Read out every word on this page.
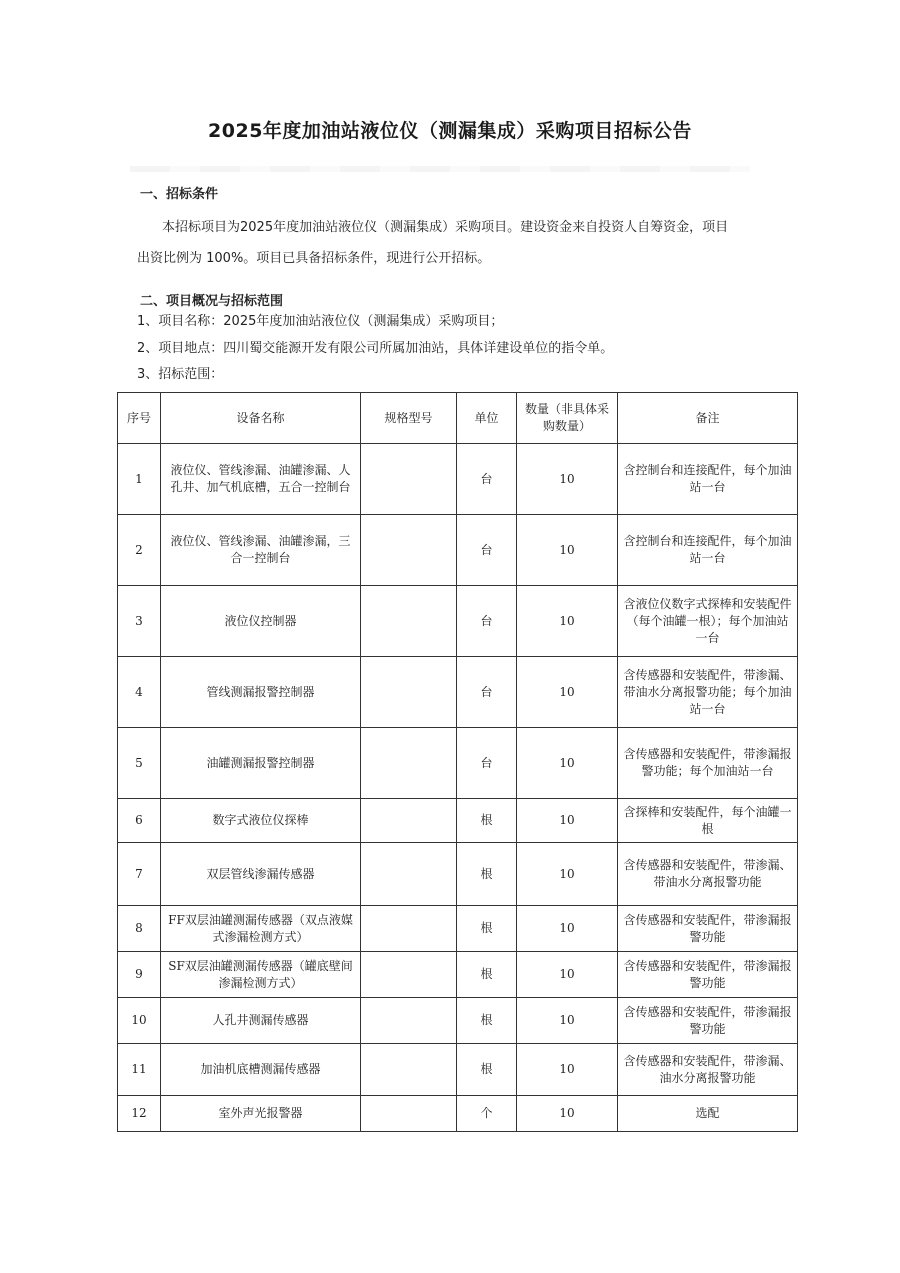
2025年度加油站液位仪（测漏集成）采购项目招标公告
一、招标条件
本招标项目为2025年度加油站液位仪（测漏集成）采购项目。建设资金来自投资人自筹资金，项目
出资比例为 100%。项目已具备招标条件，现进行公开招标。
二、项目概况与招标范围
1、项目名称：2025年度加油站液位仪（测漏集成）采购项目；
2、项目地点：四川蜀交能源开发有限公司所属加油站，具体详建设单位的指令单。
3、招标范围：
序号	设备名称	规格型号	单位	数量（非具体采购数量）	备注
1	液位仪、管线渗漏、油罐渗漏、人孔井、加气机底槽，五合一控制台		台	10	含控制台和连接配件，每个加油站一台
2	液位仪、管线渗漏、油罐渗漏，三合一控制台		台	10	含控制台和连接配件，每个加油站一台
3	液位仪控制器		台	10	含液位仪数字式探棒和安装配件（每个油罐一根）；每个加油站一台
4	管线测漏报警控制器		台	10	含传感器和安装配件，带渗漏、带油水分离报警功能；每个加油站一台
5	油罐测漏报警控制器		台	10	含传感器和安装配件，带渗漏报警功能；每个加油站一台
6	数字式液位仪探棒		根	10	含探棒和安装配件，每个油罐一根
7	双层管线渗漏传感器		根	10	含传感器和安装配件，带渗漏、带油水分离报警功能
8	FF双层油罐测漏传感器（双点液媒式渗漏检测方式）		根	10	含传感器和安装配件，带渗漏报警功能
9	SF双层油罐测漏传感器（罐底壁间渗漏检测方式）		根	10	含传感器和安装配件，带渗漏报警功能
10	人孔井测漏传感器		根	10	含传感器和安装配件，带渗漏报警功能
11	加油机底槽测漏传感器		根	10	含传感器和安装配件，带渗漏、油水分离报警功能
12	室外声光报警器		个	10	选配
